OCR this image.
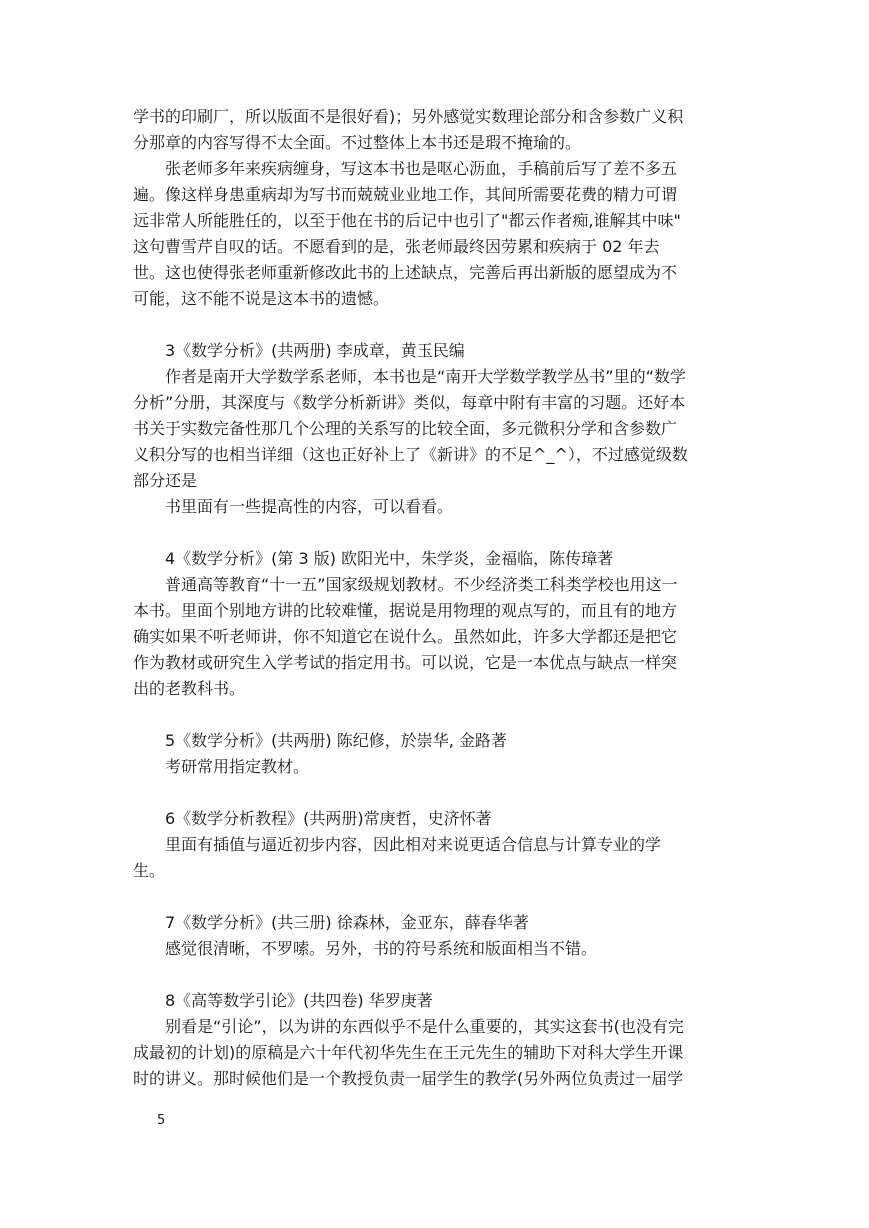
学书的印刷厂，所以版面不是很好看)；另外感觉实数理论部分和含参数广义积
分那章的内容写得不太全面。不过整体上本书还是瑕不掩瑜的。
张老师多年来疾病缠身，写这本书也是呕心沥血，手稿前后写了差不多五
遍。像这样身患重病却为写书而兢兢业业地工作，其间所需要花费的精力可谓
远非常人所能胜任的，以至于他在书的后记中也引了"都云作者痴,谁解其中味"
这句曹雪芹自叹的话。不愿看到的是，张老师最终因劳累和疾病于 02 年去
世。这也使得张老师重新修改此书的上述缺点，完善后再出新版的愿望成为不
可能，这不能不说是这本书的遗憾。
3《数学分析》(共两册) 李成章，黄玉民编
作者是南开大学数学系老师，本书也是“南开大学数学教学丛书”里的“数学
分析”分册，其深度与《数学分析新讲》类似，每章中附有丰富的习题。还好本
书关于实数完备性那几个公理的关系写的比较全面，多元微积分学和含参数广
义积分写的也相当详细（这也正好补上了《新讲》的不足^_^），不过感觉级数
部分还是
书里面有一些提高性的内容，可以看看。
4《数学分析》(第 3 版) 欧阳光中，朱学炎，金福临，陈传璋著
普通高等教育“十一五”国家级规划教材。不少经济类工科类学校也用这一
本书。里面个别地方讲的比较难懂，据说是用物理的观点写的，而且有的地方
确实如果不听老师讲，你不知道它在说什么。虽然如此，许多大学都还是把它
作为教材或研究生入学考试的指定用书。可以说，它是一本优点与缺点一样突
出的老教科书。
5《数学分析》(共两册) 陈纪修，於崇华, 金路著
考研常用指定教材。
6《数学分析教程》(共两册)常庚哲，史济怀著
里面有插值与逼近初步内容，因此相对来说更适合信息与计算专业的学
生。
7《数学分析》(共三册) 徐森林，金亚东，薛春华著
感觉很清晰，不罗嗦。另外，书的符号系统和版面相当不错。
8《高等数学引论》(共四卷) 华罗庚著
别看是“引论”，以为讲的东西似乎不是什么重要的，其实这套书(也没有完
成最初的计划)的原稿是六十年代初华先生在王元先生的辅助下对科大学生开课
时的讲义。那时候他们是一个教授负责一届学生的教学(另外两位负责过一届学
5
